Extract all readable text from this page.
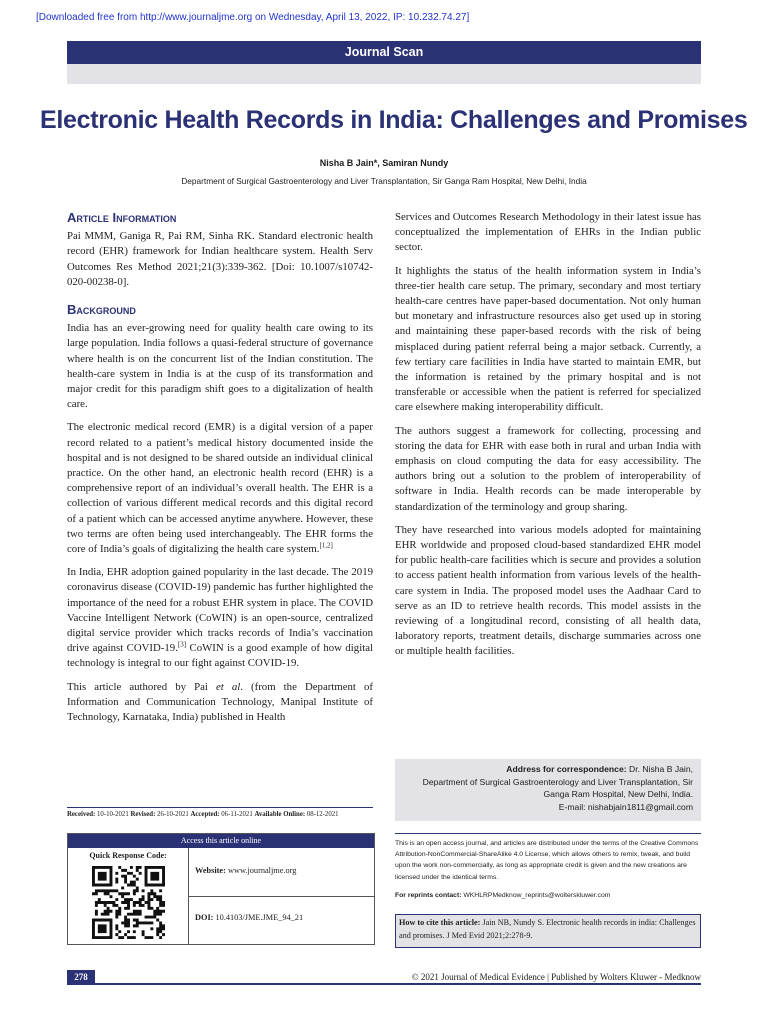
[Downloaded free from http://www.journaljme.org on Wednesday, April 13, 2022, IP: 10.232.74.27]
Journal Scan
Electronic Health Records in India: Challenges and Promises
Nisha B Jain*, Samiran Nundy
Department of Surgical Gastroenterology and Liver Transplantation, Sir Ganga Ram Hospital, New Delhi, India
Article Information

Pai MMM, Ganiga R, Pai RM, Sinha RK. Standard electronic health record (EHR) framework for Indian healthcare system. Health Serv Outcomes Res Method 2021;21(3):339-362. [Doi: 10.1007/s10742-020-00238-0].

Background

India has an ever-growing need for quality health care owing to its large population. India follows a quasi-federal structure of governance where health is on the concurrent list of the Indian constitution. The health-care system in India is at the cusp of its transformation and major credit for this paradigm shift goes to a digitalization of health care.

The electronic medical record (EMR) is a digital version of a paper record related to a patient’s medical history documented inside the hospital and is not designed to be shared outside an individual clinical practice. On the other hand, an electronic health record (EHR) is a comprehensive report of an individual’s overall health. The EHR is a collection of various different medical records and this digital record of a patient which can be accessed anytime anywhere. However, these two terms are often being used interchangeably. The EHR forms the core of India’s goals of digitalizing the health care system.[1,2]

In India, EHR adoption gained popularity in the last decade. The 2019 coronavirus disease (COVID-19) pandemic has further highlighted the importance of the need for a robust EHR system in place. The COVID Vaccine Intelligent Network (CoWIN) is an open-source, centralized digital service provider which tracks records of India’s vaccination drive against COVID-19.[3] CoWIN is a good example of how digital technology is integral to our fight against COVID-19.

This article authored by Pai et al. (from the Department of Information and Communication Technology, Manipal Institute of Technology, Karnataka, India) published in Health

Services and Outcomes Research Methodology in their latest issue has conceptualized the implementation of EHRs in the Indian public sector.

It highlights the status of the health information system in India’s three-tier health care setup. The primary, secondary and most tertiary health-care centres have paper-based documentation. Not only human but monetary and infrastructure resources also get used up in storing and maintaining these paper-based records with the risk of being misplaced during patient referral being a major setback. Currently, a few tertiary care facilities in India have started to maintain EMR, but the information is retained by the primary hospital and is not transferable or accessible when the patient is referred for specialized care elsewhere making interoperability difficult.

The authors suggest a framework for collecting, processing and storing the data for EHR with ease both in rural and urban India with emphasis on cloud computing the data for easy accessibility. The authors bring out a solution to the problem of interoperability of software in India. Health records can be made interoperable by standardization of the terminology and group sharing.

They have researched into various models adopted for maintaining EHR worldwide and proposed cloud-based standardized EHR model for public health-care facilities which is secure and provides a solution to access patient health information from various levels of the health-care system in India. The proposed model uses the Aadhaar Card to serve as an ID to retrieve health records. This model assists in the reviewing of a longitudinal record, consisting of all health data, laboratory reports, treatment details, discharge summaries across one or multiple health facilities.

Received: 10-10-2021 Revised: 26-10-2021 Accepted: 06-11-2021 Available Online: 08-12-2021
Access this article online
Quick Response Code:
Website: www.journaljme.org
DOI: 10.4103/JME.JME_94_21
Address for correspondence: Dr. Nisha B Jain,
Department of Surgical Gastroenterology and Liver Transplantation, Sir
Ganga Ram Hospital, New Delhi, India.
E-mail: nishabjain1811@gmail.com
This is an open access journal, and articles are distributed under the terms of the Creative Commons Attribution-NonCommercial-ShareAlike 4.0 License, which allows others to remix, tweak, and build upon the work non-commercially, as long as appropriate credit is given and the new creations are licensed under the identical terms.
For reprints contact: WKHLRPMedknow_reprints@wolterskluwer.com
How to cite this article: Jain NB, Nundy S. Electronic health records in india: Challenges and promises. J Med Evid 2021;2:278-9.
278	© 2021 Journal of Medical Evidence | Published by Wolters Kluwer - Medknow
